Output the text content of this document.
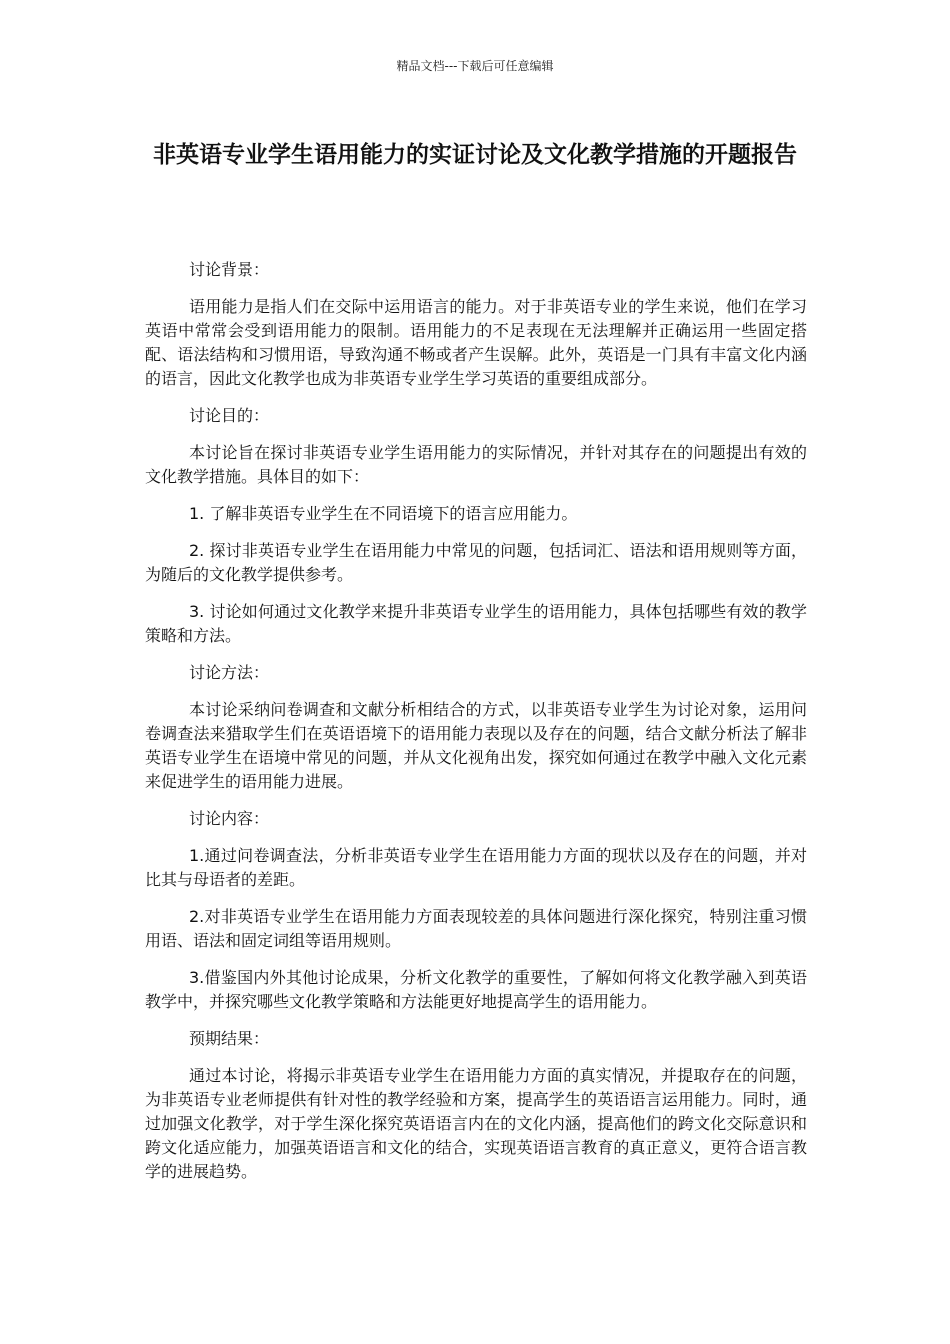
精品文档---下载后可任意编辑
非英语专业学生语用能力的实证讨论及文化教学措施的开题报告

讨论背景：

语用能力是指人们在交际中运用语言的能力。对于非英语专业的学生来说，他们在学习英语中常常会受到语用能力的限制。语用能力的不足表现在无法理解并正确运用一些固定搭配、语法结构和习惯用语，导致沟通不畅或者产生误解。此外，英语是一门具有丰富文化内涵的语言，因此文化教学也成为非英语专业学生学习英语的重要组成部分。

讨论目的：

本讨论旨在探讨非英语专业学生语用能力的实际情况，并针对其存在的问题提出有效的文化教学措施。具体目的如下：

1. 了解非英语专业学生在不同语境下的语言应用能力。

2. 探讨非英语专业学生在语用能力中常见的问题，包括词汇、语法和语用规则等方面，为随后的文化教学提供参考。

3. 讨论如何通过文化教学来提升非英语专业学生的语用能力，具体包括哪些有效的教学策略和方法。

讨论方法：

本讨论采纳问卷调查和文献分析相结合的方式，以非英语专业学生为讨论对象，运用问卷调查法来猎取学生们在英语语境下的语用能力表现以及存在的问题，结合文献分析法了解非英语专业学生在语境中常见的问题，并从文化视角出发，探究如何通过在教学中融入文化元素来促进学生的语用能力进展。

讨论内容：

1.通过问卷调查法，分析非英语专业学生在语用能力方面的现状以及存在的问题，并对比其与母语者的差距。

2.对非英语专业学生在语用能力方面表现较差的具体问题进行深化探究，特别注重习惯用语、语法和固定词组等语用规则。

3.借鉴国内外其他讨论成果，分析文化教学的重要性，了解如何将文化教学融入到英语教学中，并探究哪些文化教学策略和方法能更好地提高学生的语用能力。

预期结果：

通过本讨论，将揭示非英语专业学生在语用能力方面的真实情况，并提取存在的问题，为非英语专业老师提供有针对性的教学经验和方案，提高学生的英语语言运用能力。同时，通过加强文化教学，对于学生深化探究英语语言内在的文化内涵，提高他们的跨文化交际意识和跨文化适应能力，加强英语语言和文化的结合，实现英语语言教育的真正意义，更符合语言教学的进展趋势。
